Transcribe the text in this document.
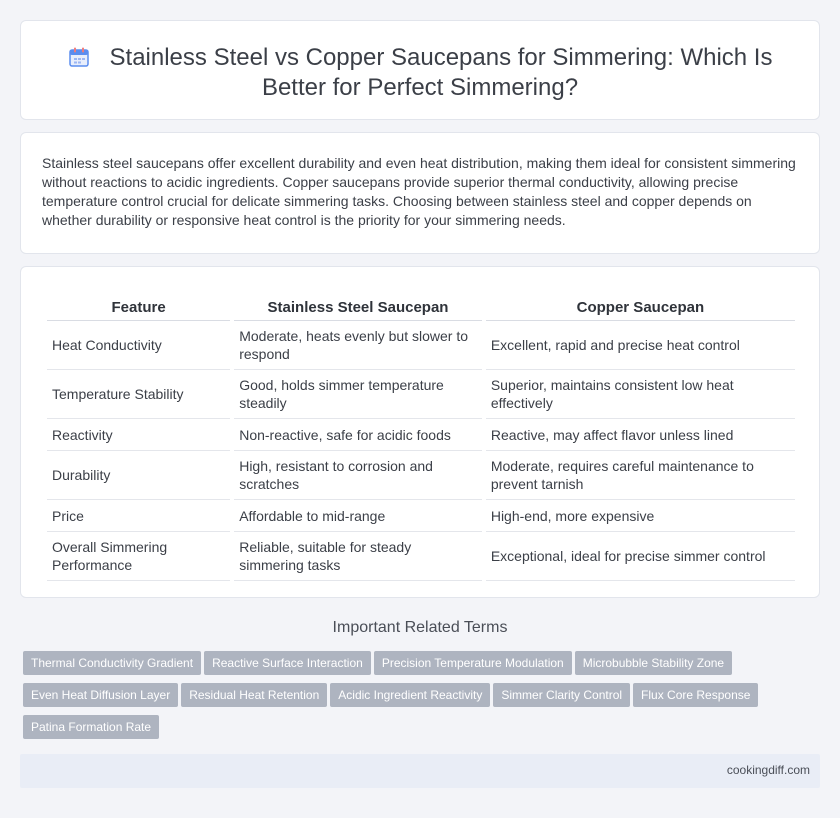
Stainless Steel vs Copper Saucepans for Simmering: Which Is Better for Perfect Simmering?

Stainless steel saucepans offer excellent durability and even heat distribution, making them ideal for consistent simmering without reactions to acidic ingredients. Copper saucepans provide superior thermal conductivity, allowing precise temperature control crucial for delicate simmering tasks. Choosing between stainless steel and copper depends on whether durability or responsive heat control is the priority for your simmering needs.

Feature	Stainless Steel Saucepan	Copper Saucepan
Heat Conductivity	Moderate, heats evenly but slower to respond	Excellent, rapid and precise heat control
Temperature Stability	Good, holds simmer temperature steadily	Superior, maintains consistent low heat effectively
Reactivity	Non-reactive, safe for acidic foods	Reactive, may affect flavor unless lined
Durability	High, resistant to corrosion and scratches	Moderate, requires careful maintenance to prevent tarnish
Price	Affordable to mid-range	High-end, more expensive
Overall Simmering Performance	Reliable, suitable for steady simmering tasks	Exceptional, ideal for precise simmer control
Important Related Terms
Thermal Conductivity Gradient Reactive Surface Interaction Precision Temperature Modulation Microbubble Stability ZoneEven Heat Diffusion Layer Residual Heat Retention Acidic Ingredient Reactivity Simmer Clarity Control Flux Core ResponsePatina Formation Rate
cookingdiff.com
